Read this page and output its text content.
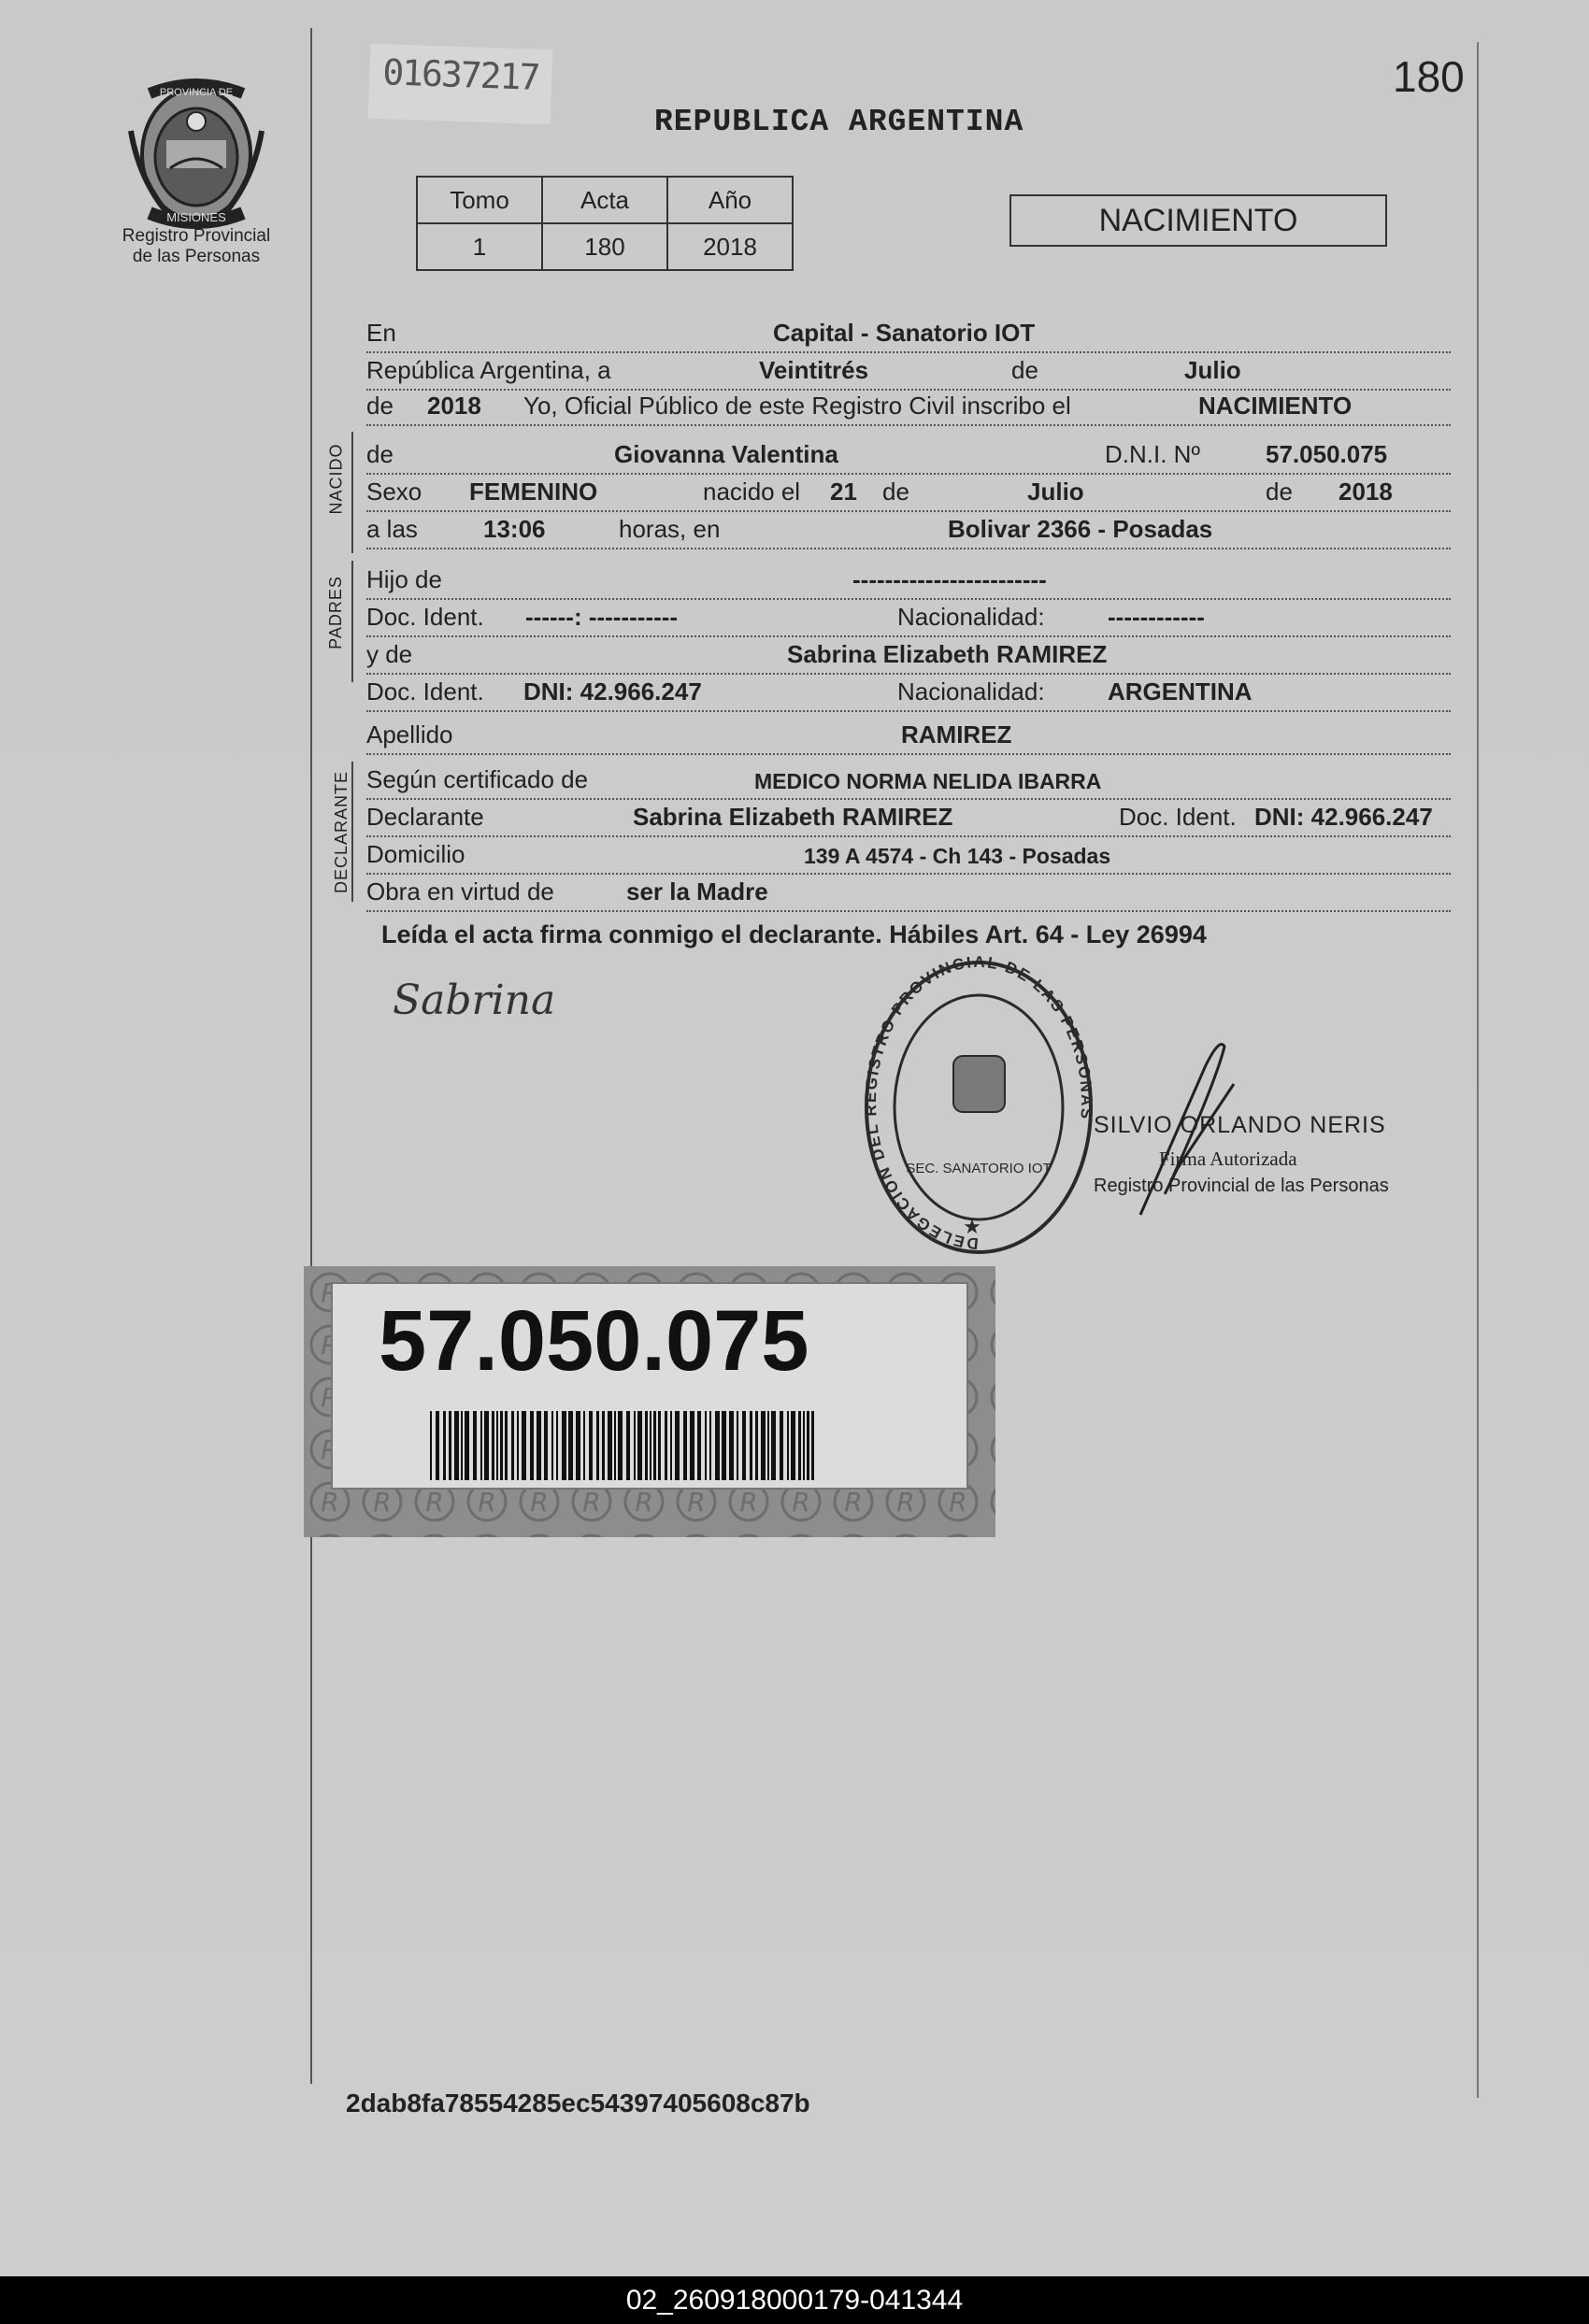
PROVINCIA DE
MISIONES
Registro Provincial
de las Personas
01637217	180
REPUBLICA ARGENTINA
Tomo	Acta	Año
1	180	2018
NACIMIENTO
En	Capital - Sanatorio IOT
República Argentina, a	Veintitrés	de	Julio
de 2018 Yo, Oficial Público de este Registro Civil inscribo el	NACIMIENTO
NACIDO de	Giovanna Valentina	D.N.I. Nº	57.050.075
Sexo FEMENINO	nacido el 21 de	Julio	de 2018
a las	13:06	horas, en	Bolivar 2366 - Posadas
PADRES Hijo de	------------------------
Doc. Ident. ------: -----------	Nacionalidad:	------------
y de	Sabrina Elizabeth RAMIREZ
Doc. Ident. DNI: 42.966.247	Nacionalidad:	ARGENTINA
Apellido	RAMIREZ
DECLARANTE Según certificado de	MEDICO NORMA NELIDA IBARRA
Declarante	Sabrina Elizabeth RAMIREZ	Doc. Ident. DNI: 42.966.247
Domicilio	139 A 4574 - Ch 143 - Posadas
Obra en virtud de	ser la Madre
Leída el acta firma conmigo el declarante. Hábiles Art. 64 - Ley 26994
Sabrina
DELEGACION DEL REGISTRO PROVINCIAL DE LAS PERSONAS
SEC. SANATORIO IOT
★
SILVIO ORLANDO NERIS
Firma Autorizada
Registro Provincial de las Personas
57.050.075
2dab8fa78554285ec54397405608c87b
02_260918000179-041344
